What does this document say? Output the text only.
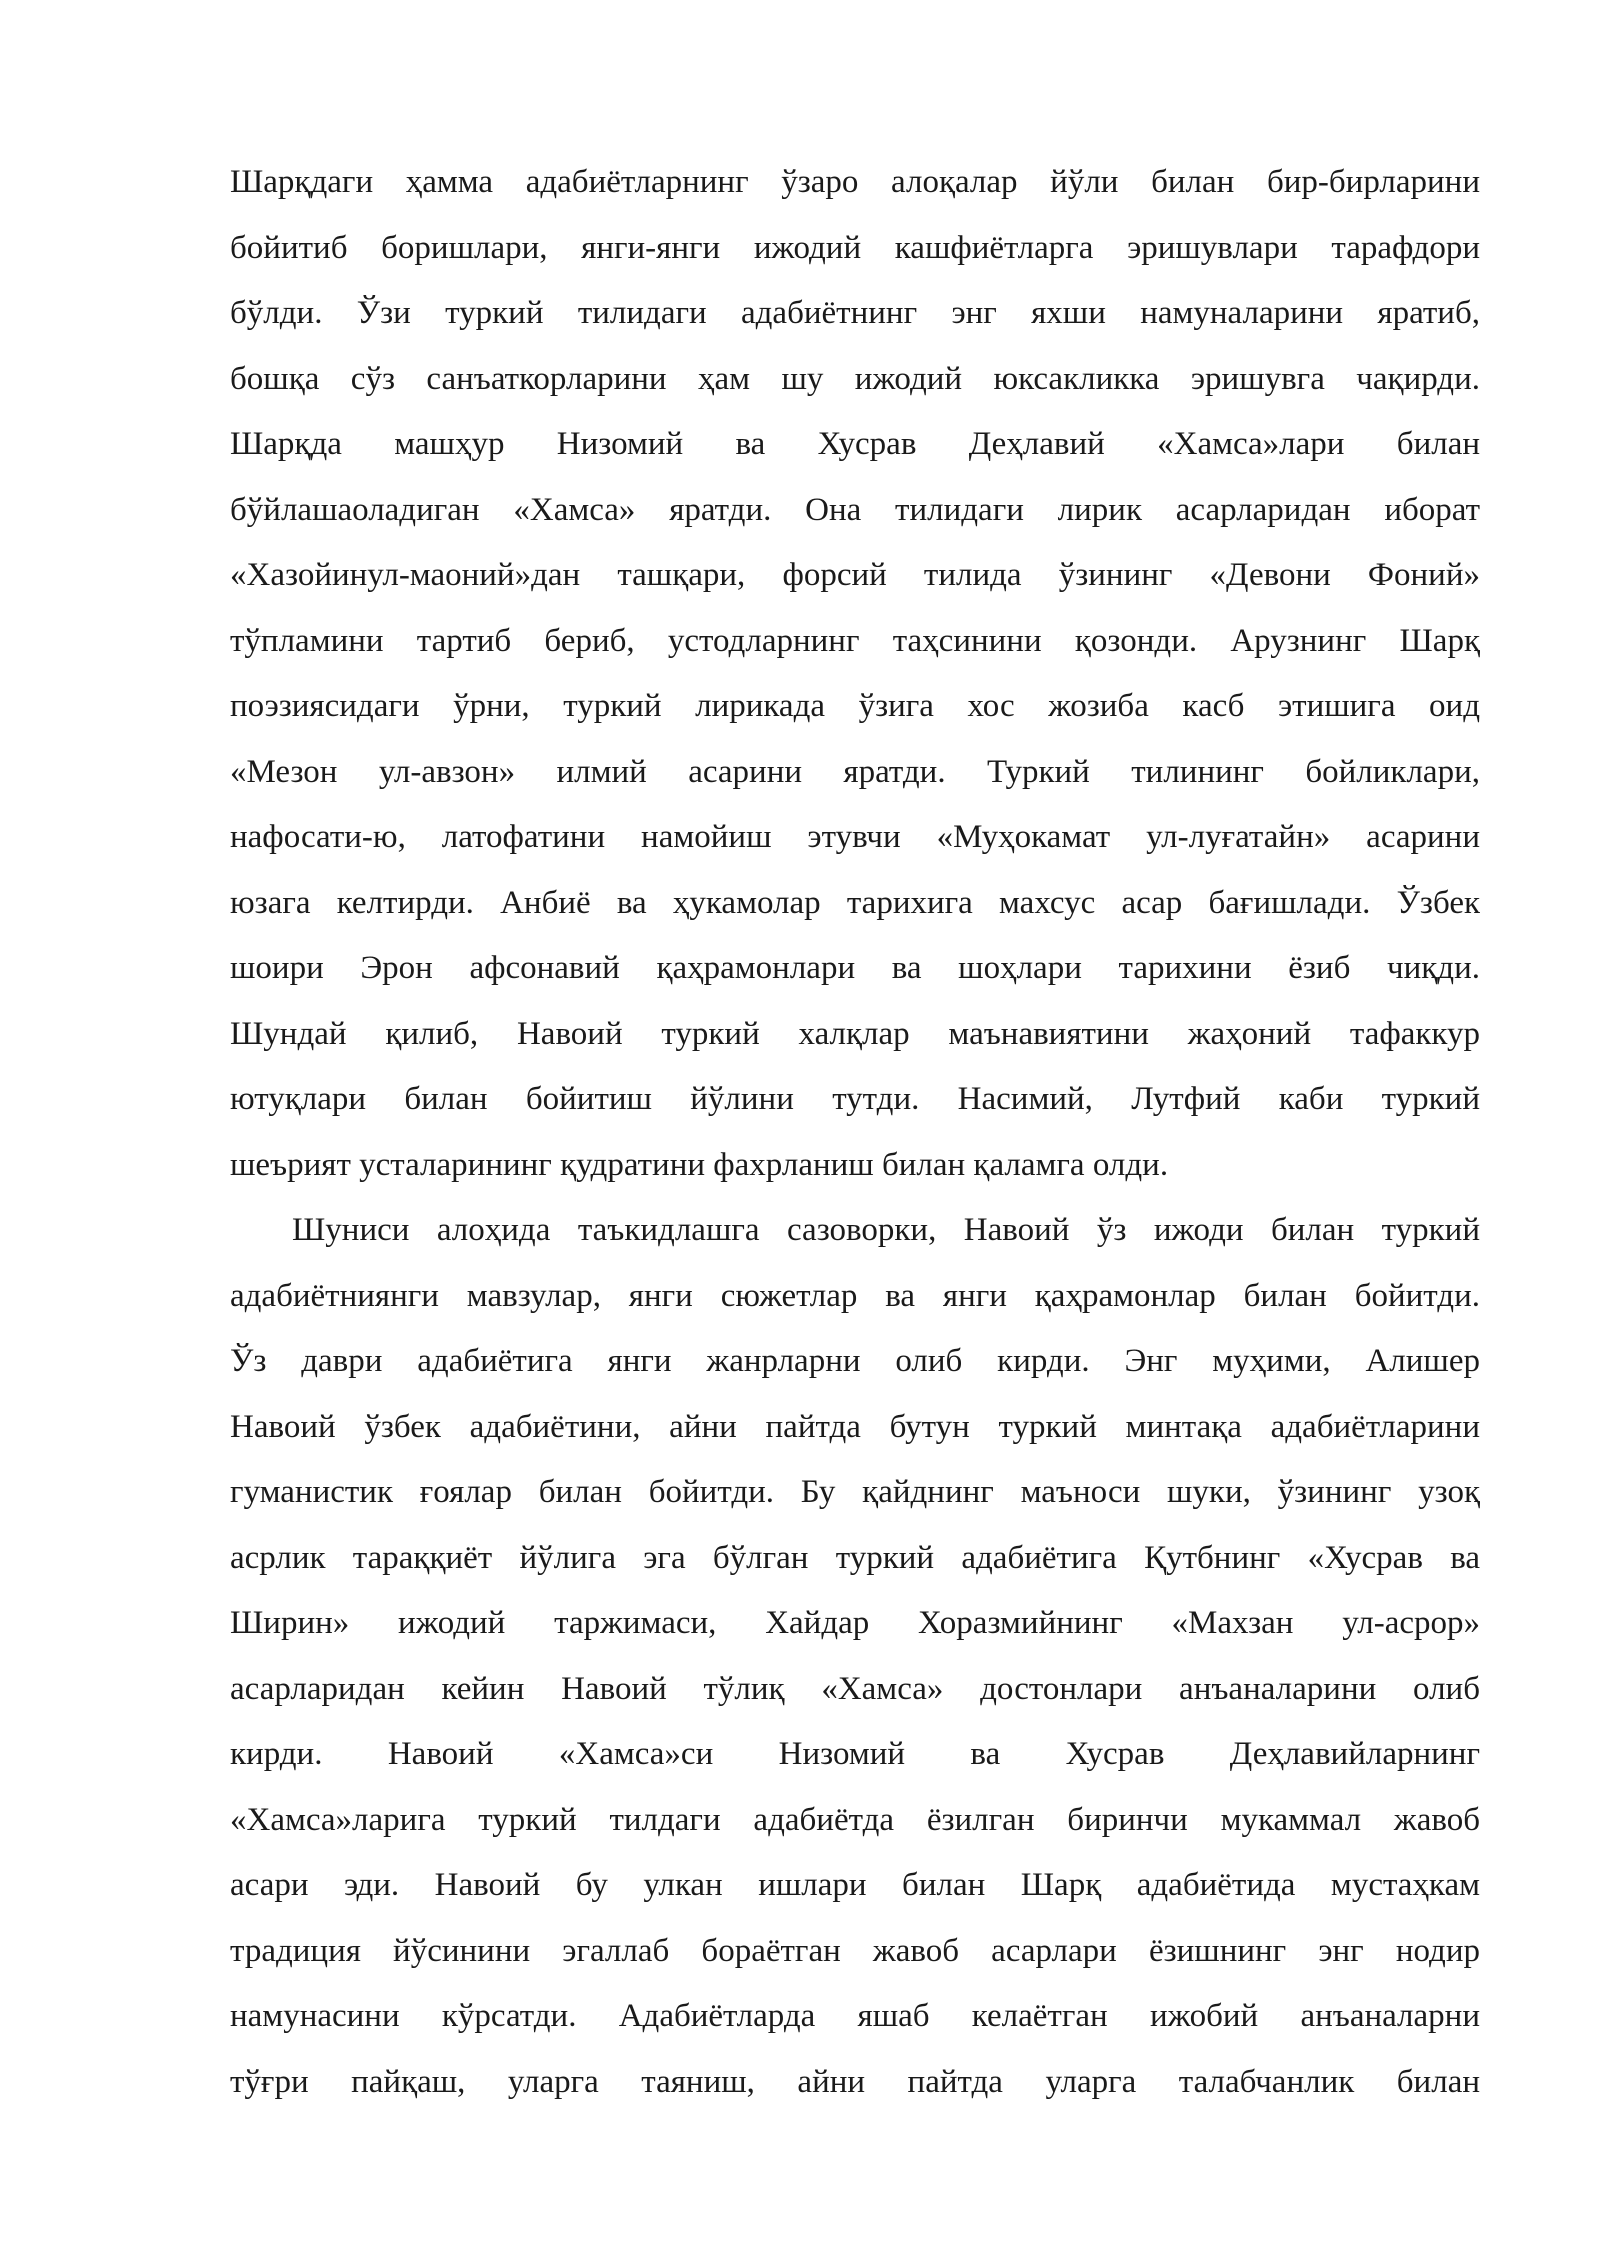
Шарқдаги ҳамма адабиётларнинг ўзаро алоқалар йўли билан бир-бирларини
бойитиб боришлари, янги-янги ижодий кашфиётларга эришувлари тарафдори
бўлди. Ўзи туркий тилидаги адабиётнинг энг яхши намуналарини яратиб,
бошқа сўз санъаткорларини ҳам шу ижодий юксакликка эришувга чақирди.
Шарқда машҳур Низомий ва Хусрав Деҳлавий «Хамса»лари билан
бўйлашаоладиган «Хамса» яратди. Она тилидаги лирик асарларидан иборат
«Хазойинул-маоний»дан ташқари, форсий тилида ўзининг «Девони Фоний»
тўпламини тартиб бериб, устодларнинг таҳсинини қозонди. Арузнинг Шарқ
поэзиясидаги ўрни, туркий лирикада ўзига хос жозиба касб этишига оид
«Мезон ул-авзон» илмий асарини яратди. Туркий тилининг бойликлари,
нафосати-ю, латофатини намойиш этувчи «Муҳокамат ул-луғатайн» асарини
юзага келтирди. Анбиё ва ҳукамолар тарихига махсус асар бағишлади. Ўзбек
шоири Эрон афсонавий қаҳрамонлари ва шоҳлари тарихини ёзиб чиқди.
Шундай қилиб, Навоий туркий халқлар маънавиятини жаҳоний тафаккур
ютуқлари билан бойитиш йўлини тутди. Насимий, Лутфий каби туркий
шеърият усталарининг қудратини фахрланиш билан қаламга олди.
Шуниси алоҳида таъкидлашга сазоворки, Навоий ўз ижоди билан туркий
адабиётниянги мавзулар, янги сюжетлар ва янги қаҳрамонлар билан бойитди.
Ўз даври адабиётига янги жанрларни олиб кирди. Энг муҳими, Алишер
Навоий ўзбек адабиётини, айни пайтда бутун туркий минтақа адабиётларини
гуманистик ғоялар билан бойитди. Бу қайднинг маъноси шуки, ўзининг узоқ
асрлик тараққиёт йўлига эга бўлган туркий адабиётига Қутбнинг «Хусрав ва
Ширин» ижодий таржимаси, Хайдар Хоразмийнинг «Махзан ул-асрор»
асарларидан кейин Навоий тўлиқ «Хамса» достонлари анъаналарини олиб
кирди. Навоий «Хамса»си Низомий ва Хусрав Деҳлавийларнинг
«Хамса»ларига туркий тилдаги адабиётда ёзилган биринчи мукаммал жавоб
асари эди. Навоий бу улкан ишлари билан Шарқ адабиётида мустаҳкам
традиция йўсинини эгаллаб бораётган жавоб асарлари ёзишнинг энг нодир
намунасини кўрсатди. Адабиётларда яшаб келаётган ижобий анъаналарни
тўғри пайқаш, уларга таяниш, айни пайтда уларга талабчанлик билан
